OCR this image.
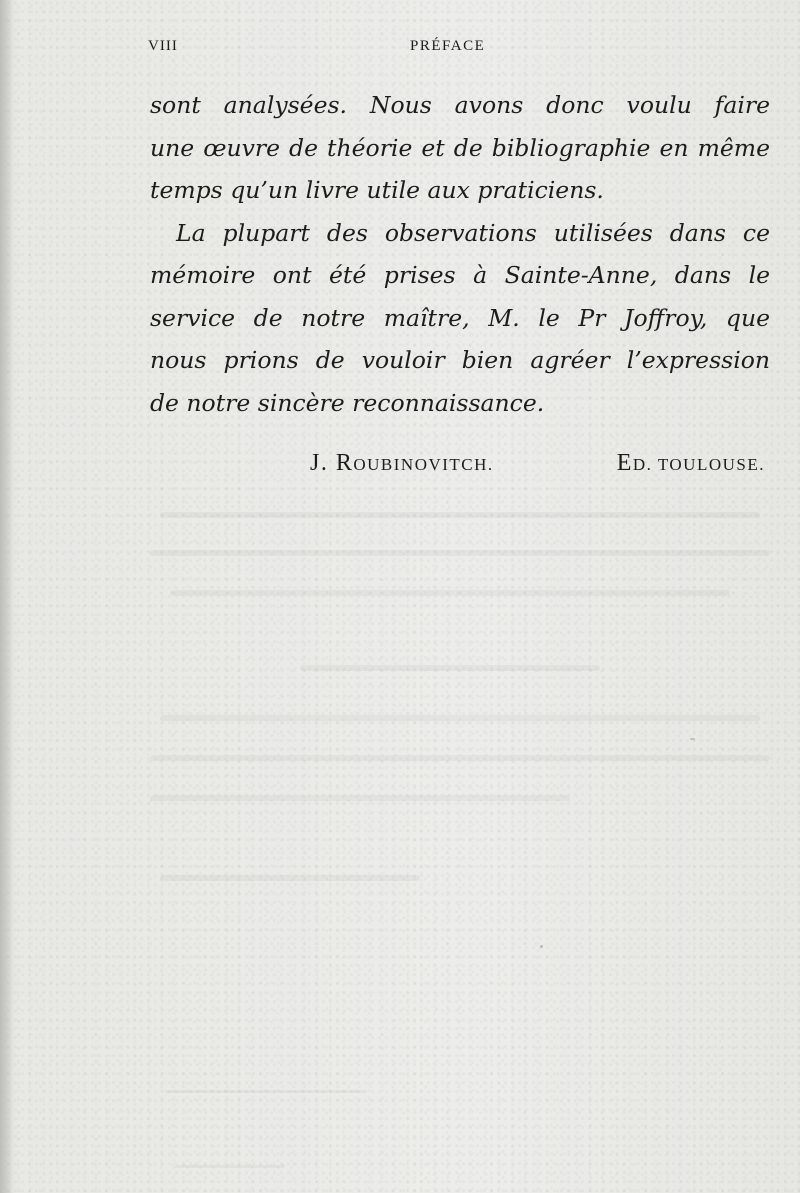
VIII	PRÉFACE
sont analysées. Nous avons donc voulu faire
une œuvre de théorie et de bibliographie en même
temps qu’un livre utile aux praticiens.
La plupart des observations utilisées dans ce
mémoire ont été prises à Sainte-Anne, dans le
service de notre maître, M. le Pr Joffroy, que
nous prions de vouloir bien agréer l’expression
de notre sincère reconnaissance.
J. ROUBINOVITCH.	ED. TOULOUSE.
